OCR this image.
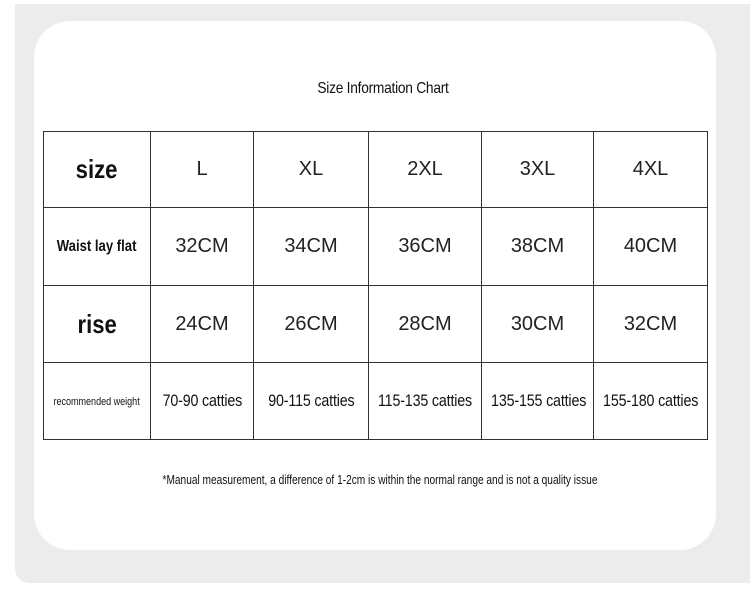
Size Information Chart
size	L	XL	2XL	3XL	4XL
Waist lay flat	32CM	34CM	36CM	38CM	40CM
rise	24CM	26CM	28CM	30CM	32CM
recommended weight	70-90 catties	90-115 catties	115-135 catties	135-155 catties	155-180 catties
*Manual measurement, a difference of 1-2cm is within the normal range and is not a quality issue
